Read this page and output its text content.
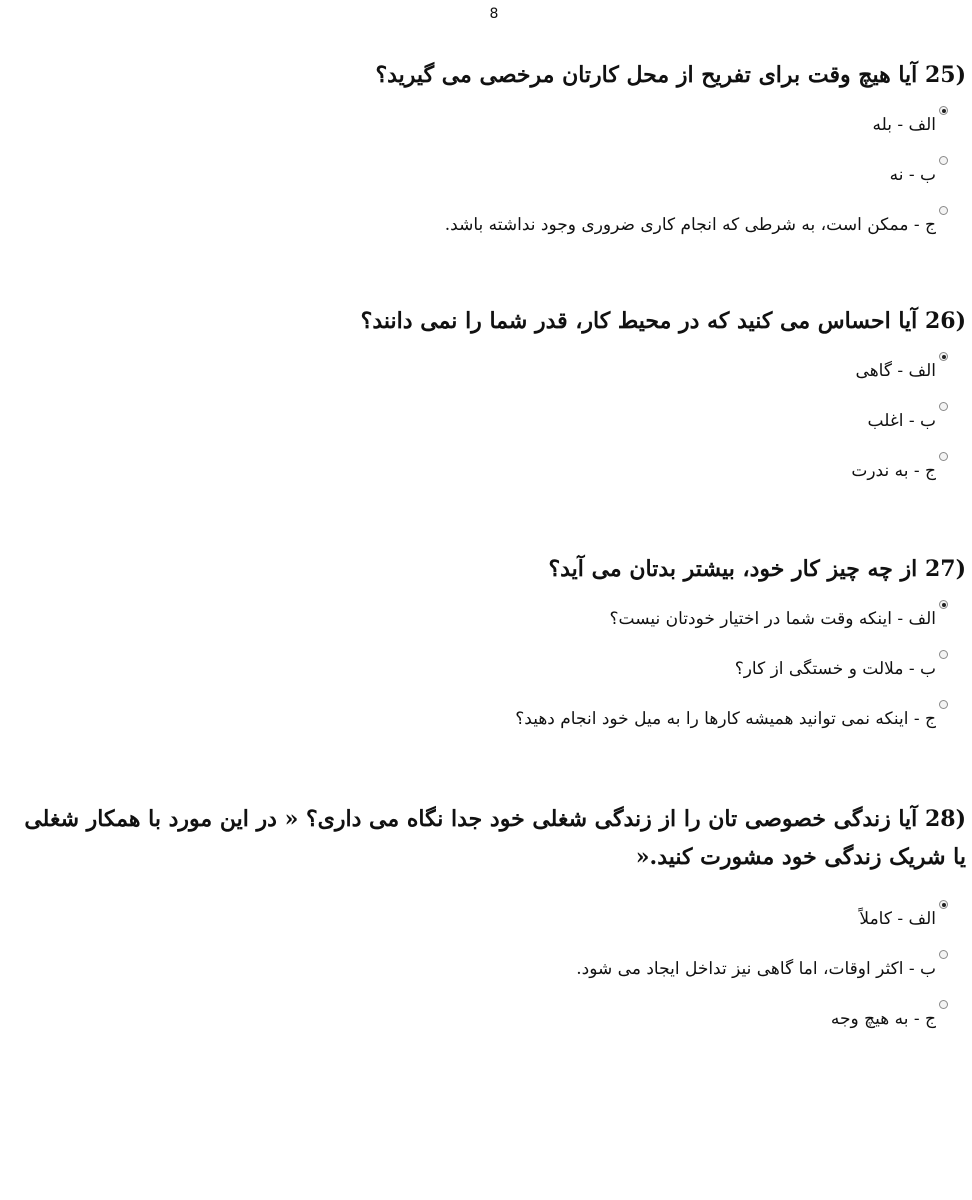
8

25) آیا هیچ وقت برای تفریح از محل کارتان مرخصی می گیرید؟

الف - بله
ب - نه
ج - ممکن است، به شرطی که انجام کاری ضروری وجود نداشته باشد.

26) آیا احساس می کنید که در محیط کار، قدر شما را نمی دانند؟

الف - گاهی
ب - اغلب
ج - به ندرت

27) از چه چیز کار خود، بیشتر بدتان می آید؟

الف - اینکه وقت شما در اختیار خودتان نیست؟
ب - ملالت و خستگی از کار؟
ج - اینکه نمی توانید همیشه کارها را به میل خود انجام دهید؟

28) آیا زندگی خصوصی تان را از زندگی شغلی خود جدا نگاه می داری؟ « در این مورد با همکار شغلی یا شریک زندگی خود مشورت کنید.«

الف - کاملاً
ب - اکثر اوقات، اما گاهی نیز تداخل ایجاد می شود.
ج - به هیچ وجه
